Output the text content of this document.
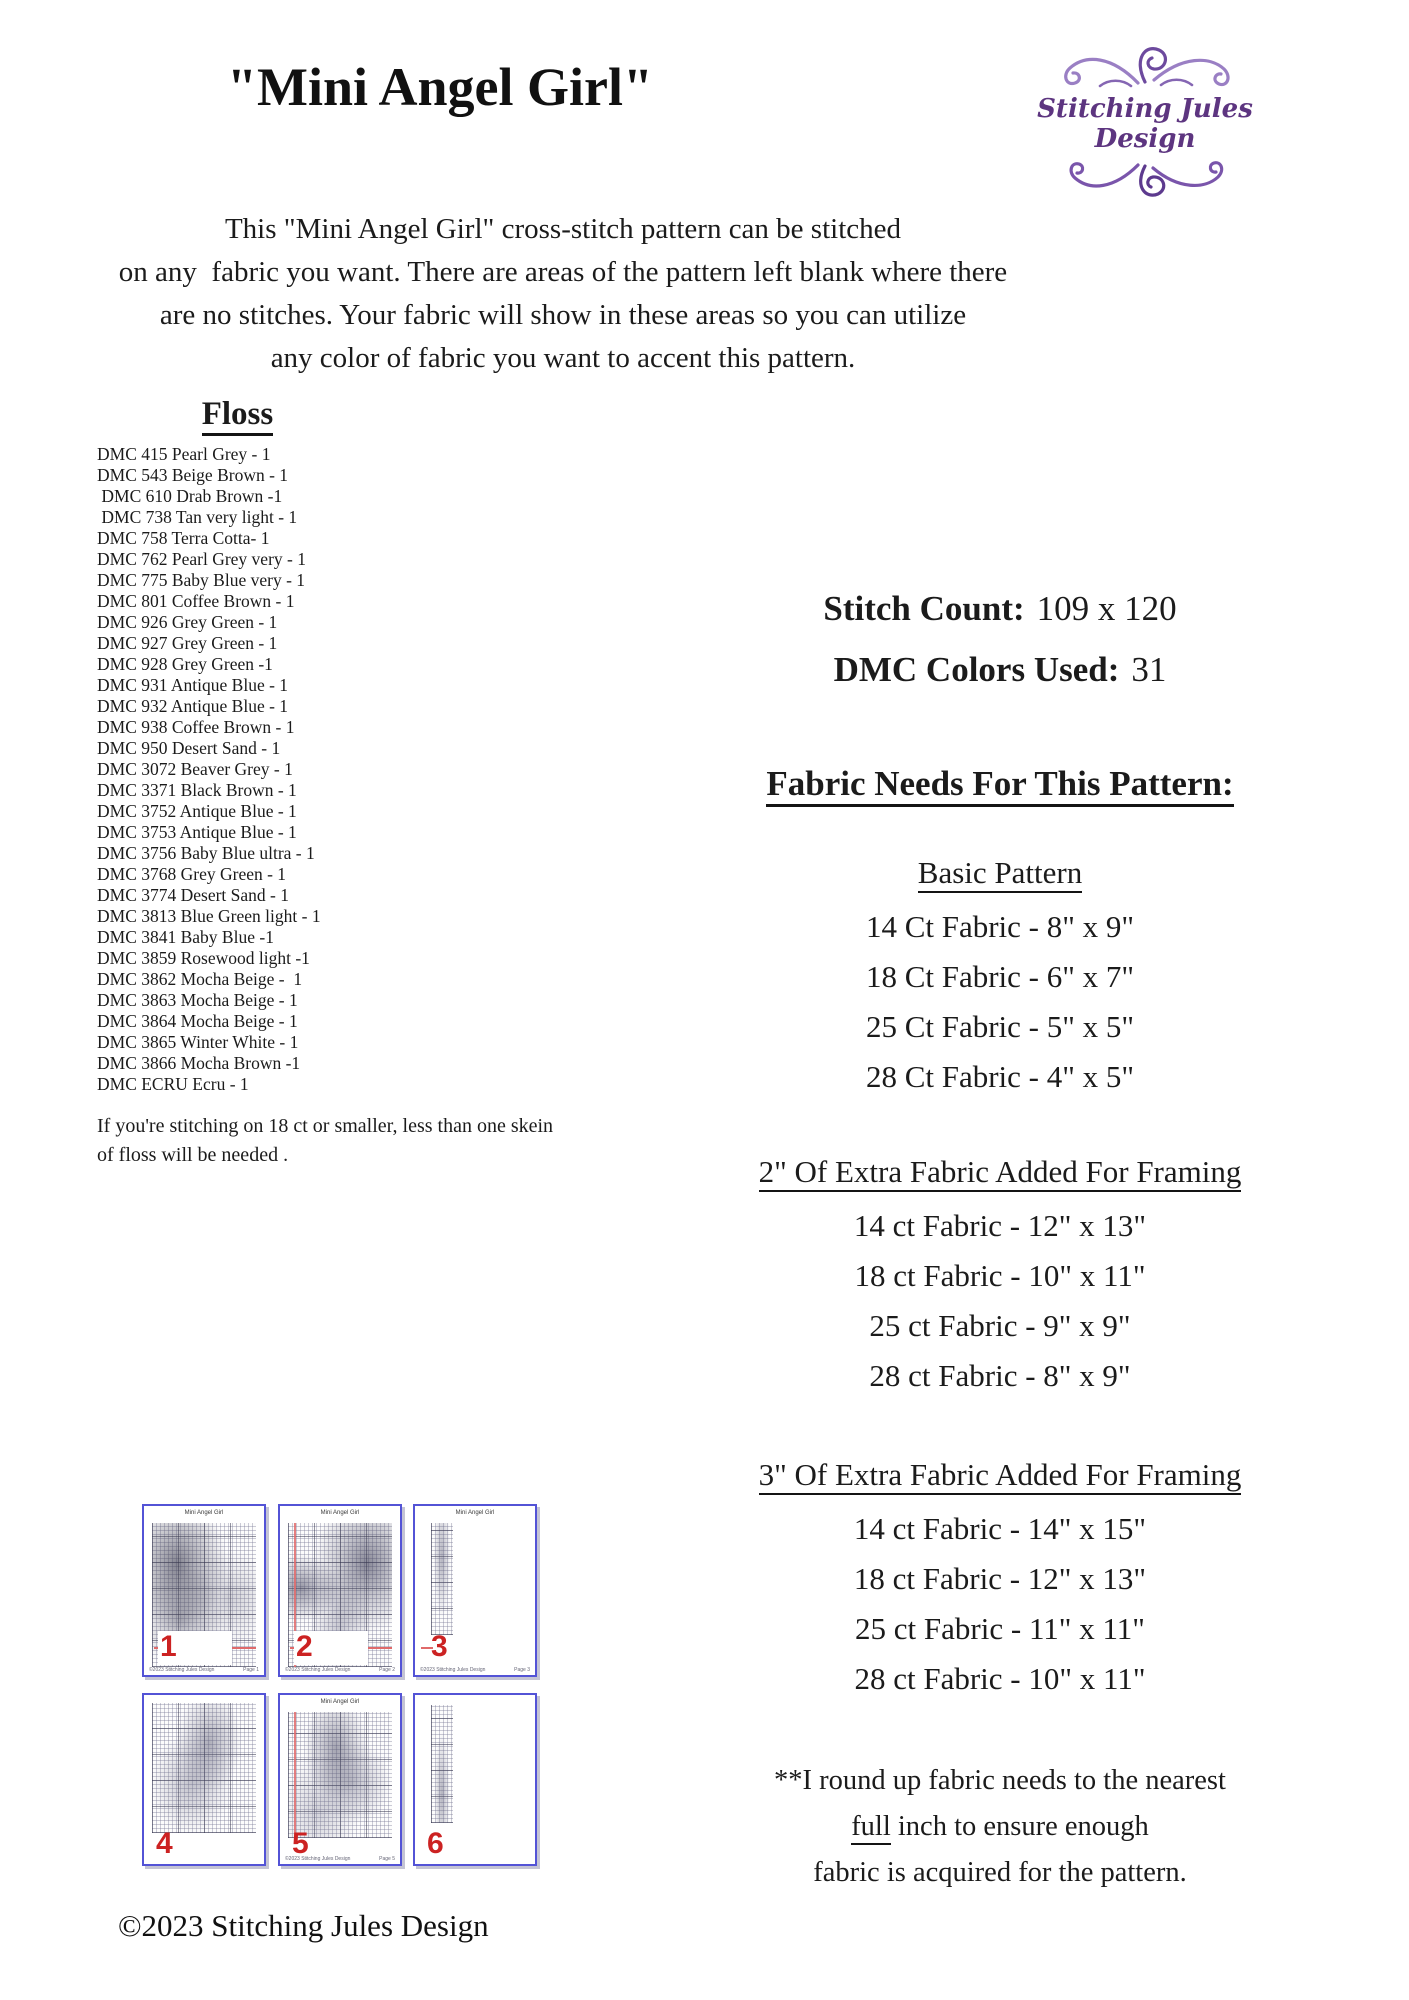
"Mini Angel Girl"	Stitching Jules Design
This "Mini Angel Girl" cross-stitch pattern can be stitched
on any  fabric you want. There are areas of the pattern left blank where there
are no stitches. Your fabric will show in these areas so you can utilize
any color of fabric you want to accent this pattern.
Floss
DMC 415 Pearl Grey - 1
DMC 543 Beige Brown - 1
DMC 610 Drab Brown -1
DMC 738 Tan very light - 1
DMC 758 Terra Cotta- 1
DMC 762 Pearl Grey very - 1
DMC 775 Baby Blue very - 1
DMC 801 Coffee Brown - 1
DMC 926 Grey Green - 1
DMC 927 Grey Green - 1
DMC 928 Grey Green -1
DMC 931 Antique Blue - 1
DMC 932 Antique Blue - 1
DMC 938 Coffee Brown - 1
DMC 950 Desert Sand - 1
DMC 3072 Beaver Grey - 1
DMC 3371 Black Brown - 1
DMC 3752 Antique Blue - 1
DMC 3753 Antique Blue - 1
DMC 3756 Baby Blue ultra - 1
DMC 3768 Grey Green - 1
DMC 3774 Desert Sand - 1
DMC 3813 Blue Green light - 1
DMC 3841 Baby Blue -1
DMC 3859 Rosewood light -1
DMC 3862 Mocha Beige -  1
DMC 3863 Mocha Beige - 1
DMC 3864 Mocha Beige - 1
DMC 3865 Winter White - 1
DMC 3866 Mocha Brown -1
DMC ECRU Ecru - 1
If you're stitching on 18 ct or smaller, less than one skein
of floss will be needed .
Stitch Count: 109 x 120
DMC Colors Used: 31
Fabric Needs For This Pattern:
Basic Pattern
14 Ct Fabric - 8" x 9"
18 Ct Fabric - 6" x 7"
25 Ct Fabric - 5" x 5"
28 Ct Fabric - 4" x 5"
2" Of Extra Fabric Added For Framing
14 ct Fabric - 12" x 13"
18 ct Fabric - 10" x 11"
25 ct Fabric - 9" x 9"
28 ct Fabric - 8" x 9"
3" Of Extra Fabric Added For Framing
14 ct Fabric - 14" x 15"
18 ct Fabric - 12" x 13"
25 ct Fabric - 11" x 11"
28 ct Fabric - 10" x 11"
**I round up fabric needs to the nearest
full inch to ensure enough
fabric is acquired for the pattern.
Mini Angel Girl
1
©2023 Stitching Jules Design	Page 1
Mini Angel Girl
2
©2023 Stitching Jules Design	Page 2
Mini Angel Girl
3
©2023 Stitching Jules Design	Page 3
4
Mini Angel Girl
5
©2023 Stitching Jules Design	Page 5 6
©2023 Stitching Jules Design
